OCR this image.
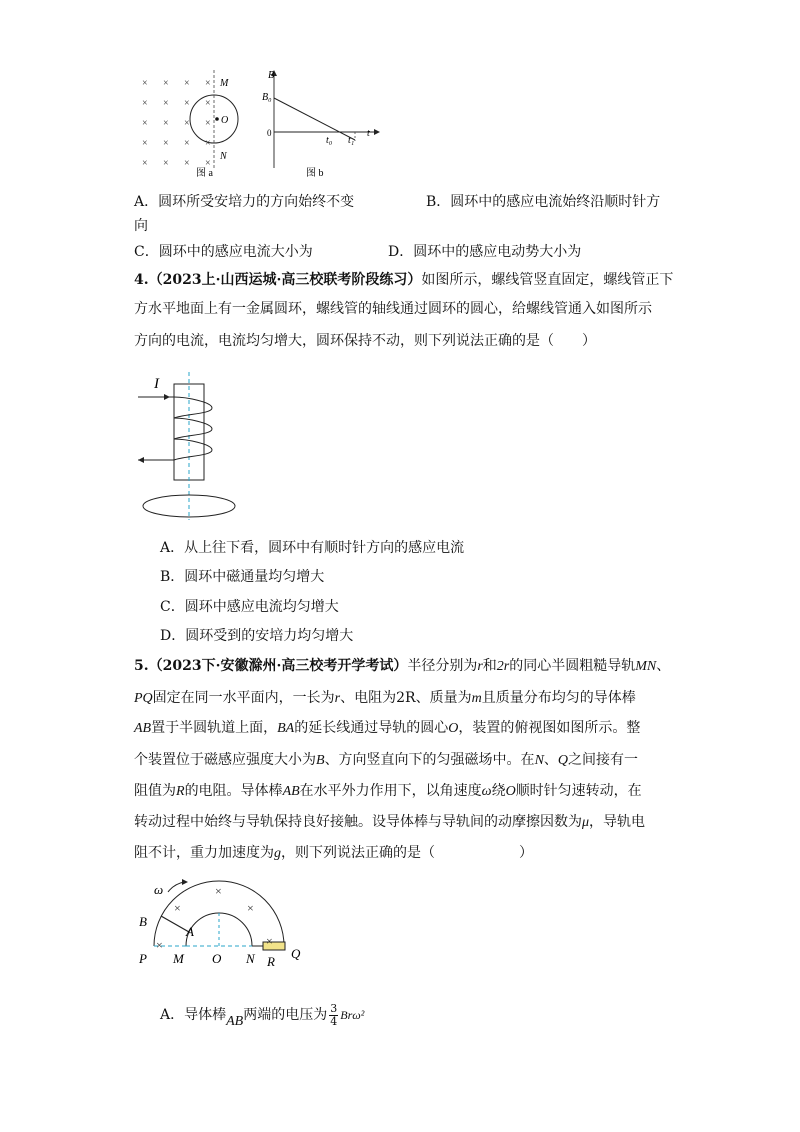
× × × ×
× × × ×
× × × ×
× × × ×
× × × ×
M
O
N
图 a
B
B₀
0
t₀ t₁
t
图 b
A．圆环所受安培力的方向始终不变	B．圆环中的感应电流始终沿顺时针方
向
C．圆环中的感应电流大小为	D．圆环中的感应电动势大小为
4.（2023上·山西运城·高三校联考阶段练习）如图所示，螺线管竖直固定，螺线管正下
方水平地面上有一金属圆环，螺线管的轴线通过圆环的圆心，给螺线管通入如图所示
方向的电流，电流均匀增大，圆环保持不动，则下列说法正确的是（　　）
I
A．从上往下看，圆环中有顺时针方向的感应电流
B．圆环中磁通量均匀增大
C．圆环中感应电流均匀增大
D．圆环受到的安培力均匀增大
5.（2023下·安徽滁州·高三校考开学考试）半径分别为r和2r的同心半圆粗糙导轨MN、
PQ固定在同一水平面内，一长为r、电阻为2R、质量为m且质量分布均匀的导体棒
AB置于半圆轨道上面，BA的延长线通过导轨的圆心O，装置的俯视图如图所示。整
个装置位于磁感应强度大小为B、方向竖直向下的匀强磁场中。在N、Q之间接有一
阻值为R的电阻。导体棒AB在水平外力作用下，以角速度ω绕O顺时针匀速转动，在
转动过程中始终与导轨保持良好接触。设导体棒与导轨间的动摩擦因数为μ，导轨电
阻不计，重力加速度为g，则下列说法正确的是（　　　　　　）
ω
B
A
P M O N R
Q
×
×
×
×	×
A．导体棒AB两端的电压为 $\frac{3}{4} Br\omega^2$
